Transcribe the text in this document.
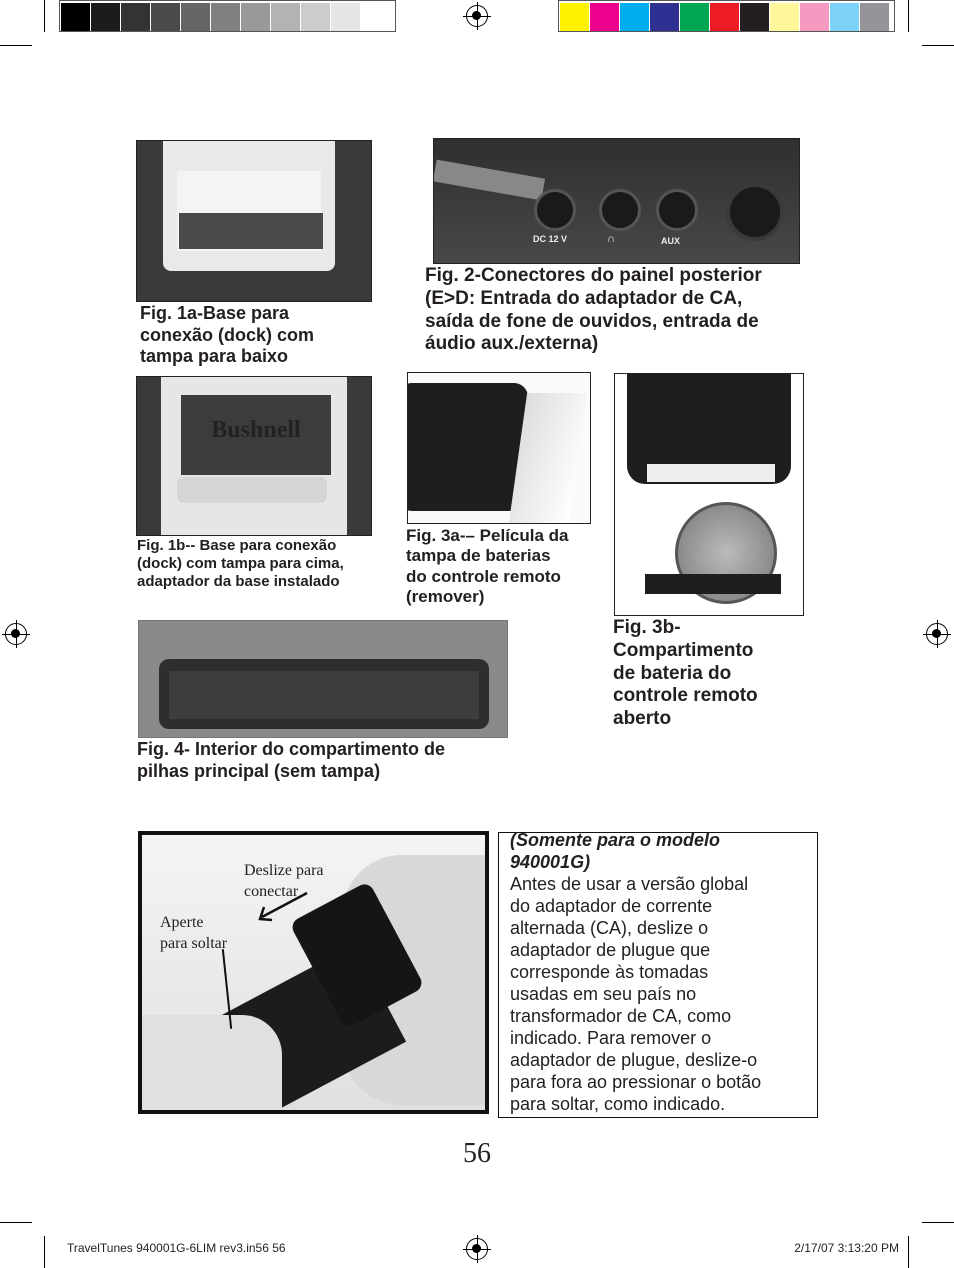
Fig. 1a-Base para
conexão (dock) com
tampa para baixo
DC 12 V	∩	AUX
Fig. 2-Conectores do painel posterior
(E>D: Entrada do adaptador de CA,
saída de fone de ouvidos, entrada de
áudio aux./externa)
Bushnell
Fig. 1b-- Base para conexão
(dock) com tampa para cima,
adaptador da base instalado
Fig. 3a-– Película da
tampa de baterias
do controle remoto
(remover)
Fig. 3b-
Compartimento
de bateria do
controle remoto
aberto
Fig. 4- Interior do compartimento de
pilhas principal (sem tampa)
Deslize para
conectar
Aperte
para soltar
(Somente para o modelo
940001G)
Antes de usar a versão global
do adaptador de corrente
alternada (CA), deslize o
adaptador de plugue que
corresponde às tomadas
usadas em seu país no
transformador de CA, como
indicado. Para remover o
adaptador de plugue, deslize-o
para fora ao pressionar o botão
para soltar, como indicado.
56
TravelTunes 940001G-6LIM rev3.in56 56	2/17/07 3:13:20 PM
